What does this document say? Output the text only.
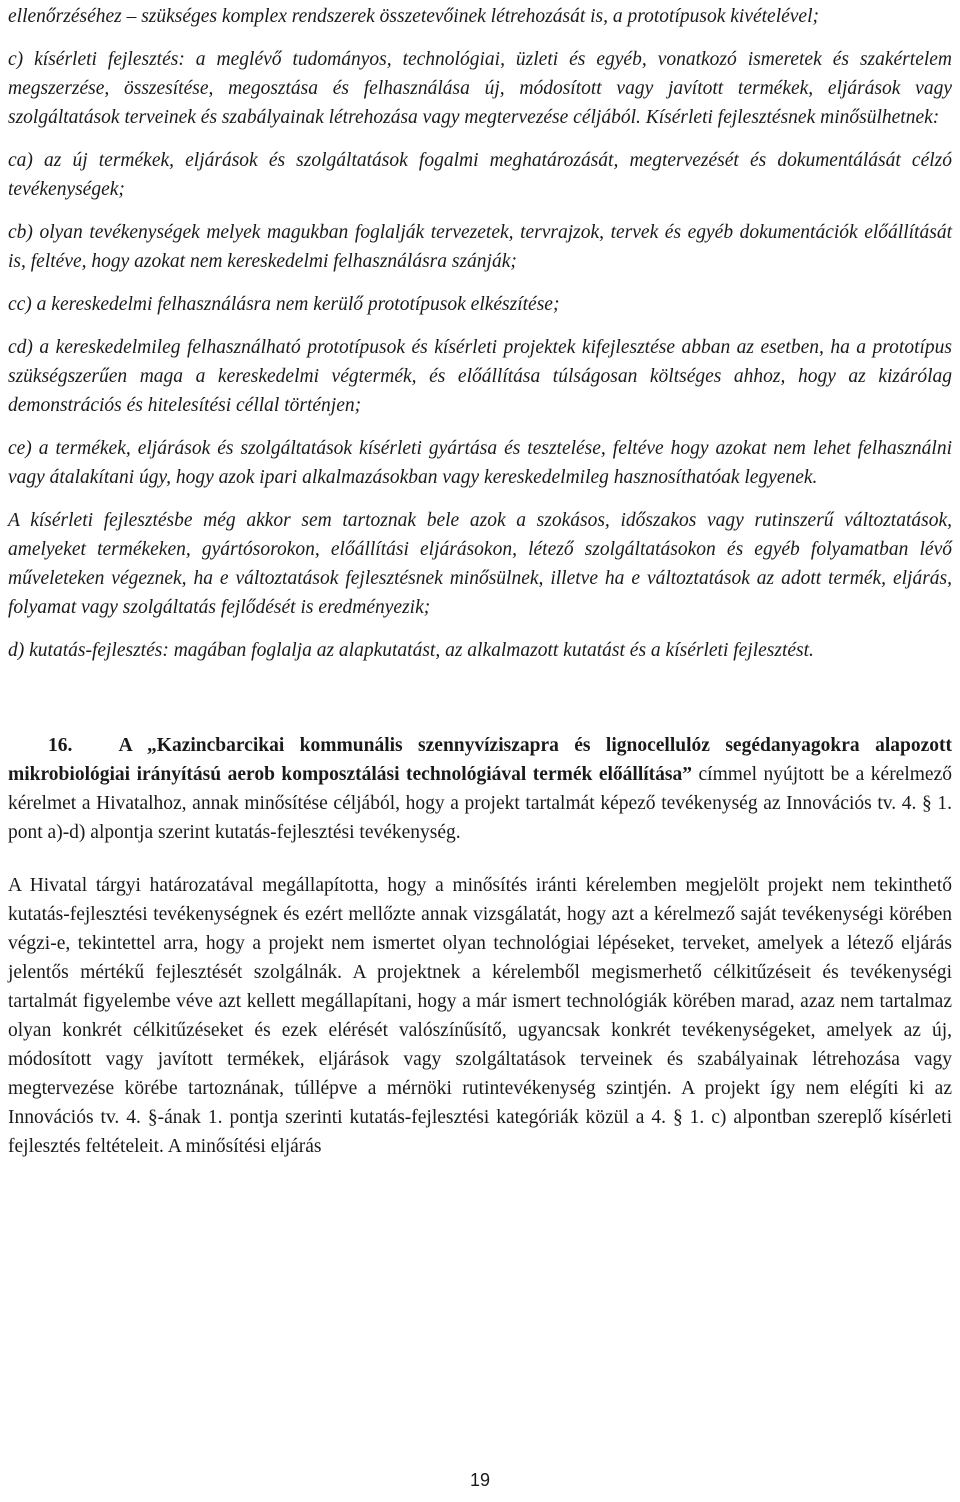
ellenőrzéséhez – szükséges komplex rendszerek összetevőinek létrehozását is, a prototípusok kivételével;

c) kísérleti fejlesztés: a meglévő tudományos, technológiai, üzleti és egyéb, vonatkozó ismeretek és szakértelem megszerzése, összesítése, megosztása és felhasználása új, módosított vagy javított termékek, eljárások vagy szolgáltatások terveinek és szabályainak létrehozása vagy megtervezése céljából. Kísérleti fejlesztésnek minősülhetnek:

ca) az új termékek, eljárások és szolgáltatások fogalmi meghatározását, megtervezését és dokumentálását célzó tevékenységek;

cb) olyan tevékenységek melyek magukban foglalják tervezetek, tervrajzok, tervek és egyéb dokumentációk előállítását is, feltéve, hogy azokat nem kereskedelmi felhasználásra szánják;

cc) a kereskedelmi felhasználásra nem kerülő prototípusok elkészítése;

cd) a kereskedelmileg felhasználható prototípusok és kísérleti projektek kifejlesztése abban az esetben, ha a prototípus szükségszerűen maga a kereskedelmi végtermék, és előállítása túlságosan költséges ahhoz, hogy az kizárólag demonstrációs és hitelesítési céllal történjen;

ce) a termékek, eljárások és szolgáltatások kísérleti gyártása és tesztelése, feltéve hogy azokat nem lehet felhasználni vagy átalakítani úgy, hogy azok ipari alkalmazásokban vagy kereskedelmileg hasznosíthatóak legyenek.

A kísérleti fejlesztésbe még akkor sem tartoznak bele azok a szokásos, időszakos vagy rutinszerű változtatások, amelyeket termékeken, gyártósorokon, előállítási eljárásokon, létező szolgáltatásokon és egyéb folyamatban lévő műveleteken végeznek, ha e változtatások fejlesztésnek minősülnek, illetve ha e változtatások az adott termék, eljárás, folyamat vagy szolgáltatás fejlődését is eredményezik;

d) kutatás-fejlesztés: magában foglalja az alapkutatást, az alkalmazott kutatást és a kísérleti fejlesztést.

16. A „Kazincbarcikai kommunális szennyvíziszapra és lignocellulóz segédanyagokra alapozott mikrobiológiai irányítású aerob komposztálási technológiával termék előállítása” címmel nyújtott be a kérelmező kérelmet a Hivatalhoz, annak minősítése céljából, hogy a projekt tartalmát képező tevékenység az Innovációs tv. 4. § 1. pont a)-d) alpontja szerint kutatás-fejlesztési tevékenység.

A Hivatal tárgyi határozatával megállapította, hogy a minősítés iránti kérelemben megjelölt projekt nem tekinthető kutatás-fejlesztési tevékenységnek és ezért mellőzte annak vizsgálatát, hogy azt a kérelmező saját tevékenységi körében végzi-e, tekintettel arra, hogy a projekt nem ismertet olyan technológiai lépéseket, terveket, amelyek a létező eljárás jelentős mértékű fejlesztését szolgálnák. A projektnek a kérelemből megismerhető célkitűzéseit és tevékenységi tartalmát figyelembe véve azt kellett megállapítani, hogy a már ismert technológiák körében marad, azaz nem tartalmaz olyan konkrét célkitűzéseket és ezek elérését valószínűsítő, ugyancsak konkrét tevékenységeket, amelyek az új, módosított vagy javított termékek, eljárások vagy szolgáltatások terveinek és szabályainak létrehozása vagy megtervezése körébe tartoznának, túllépve a mérnöki rutintevékenység szintjén. A projekt így nem elégíti ki az Innovációs tv. 4. §-ának 1. pontja szerinti kutatás-fejlesztési kategóriák közül a 4. § 1. c) alpontban szereplő kísérleti fejlesztés feltételeit. A minősítési eljárás

19
